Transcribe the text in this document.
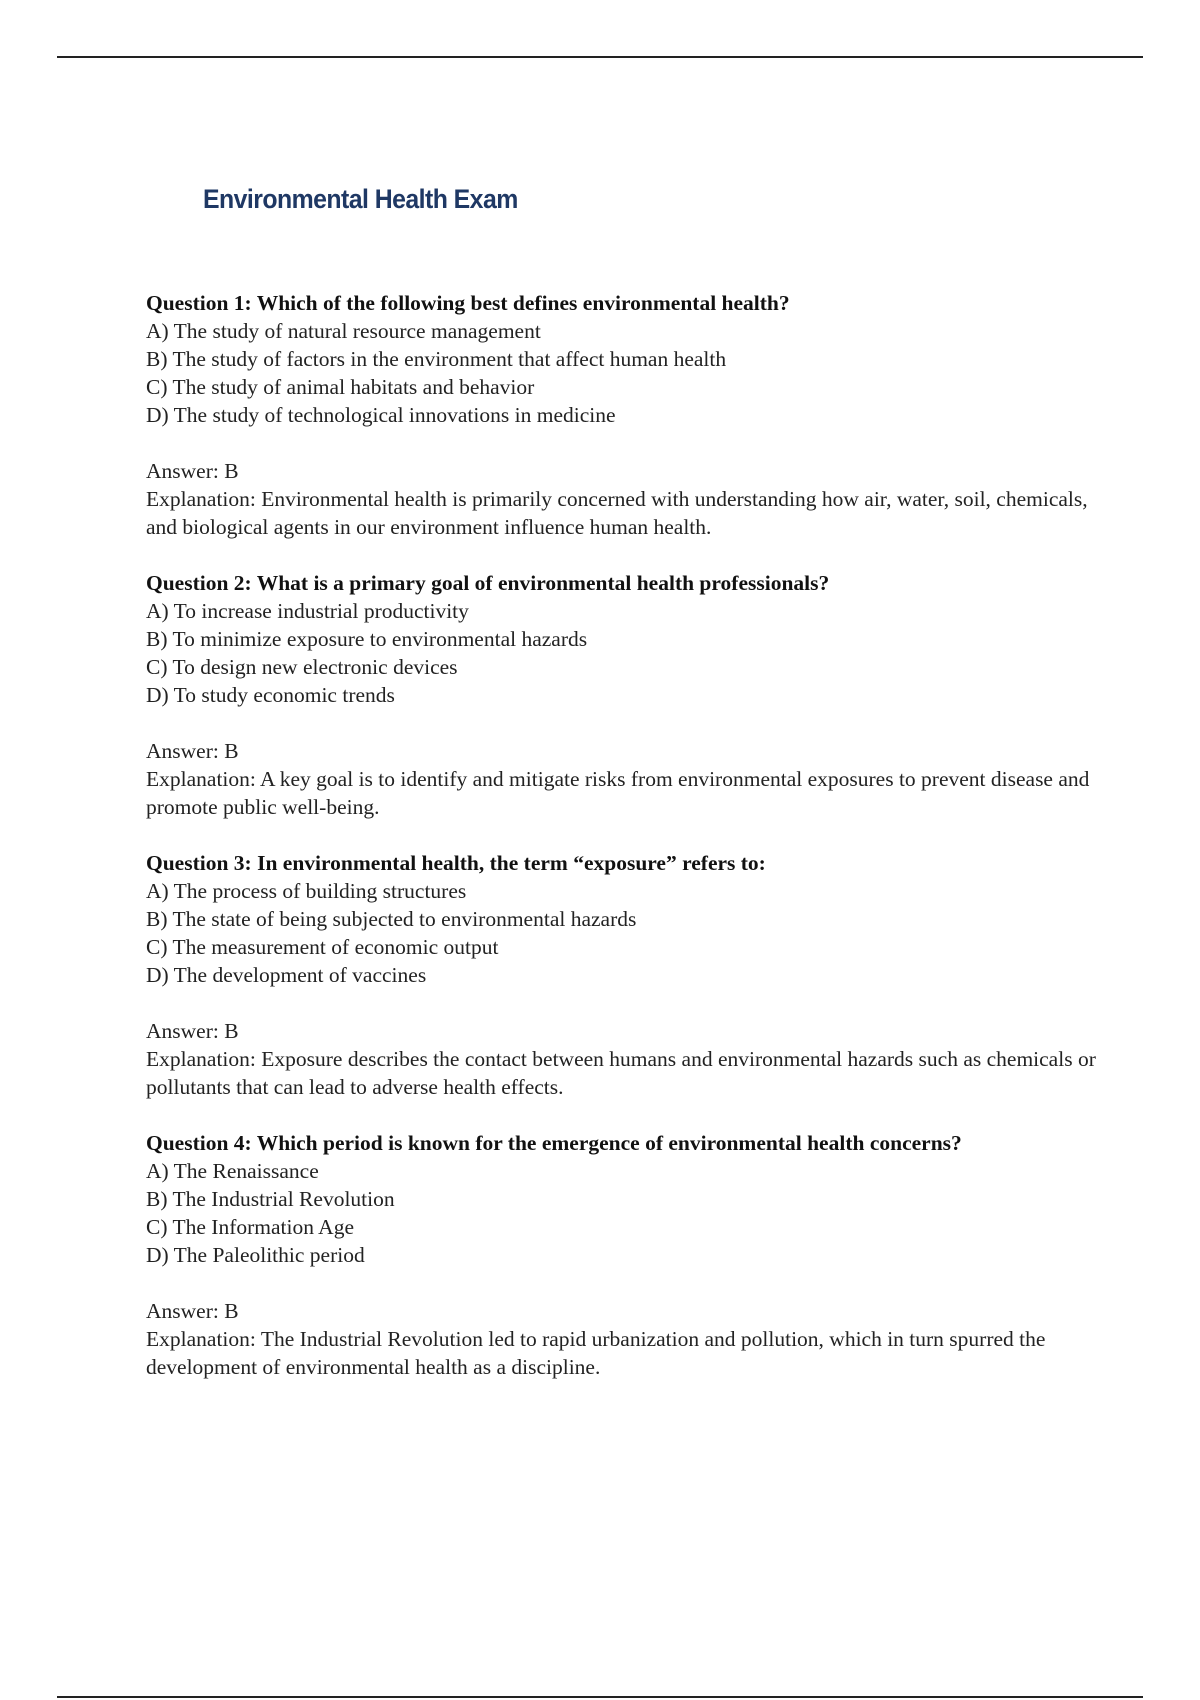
Environmental Health Exam
Question 1: Which of the following best defines environmental health?
A) The study of natural resource management
B) The study of factors in the environment that affect human health
C) The study of animal habitats and behavior
D) The study of technological innovations in medicine
Answer: B
Explanation: Environmental health is primarily concerned with understanding how air, water, soil, chemicals, and biological agents in our environment influence human health.
Question 2: What is a primary goal of environmental health professionals?
A) To increase industrial productivity
B) To minimize exposure to environmental hazards
C) To design new electronic devices
D) To study economic trends
Answer: B
Explanation: A key goal is to identify and mitigate risks from environmental exposures to prevent disease and promote public well-being.
Question 3: In environmental health, the term “exposure” refers to:
A) The process of building structures
B) The state of being subjected to environmental hazards
C) The measurement of economic output
D) The development of vaccines
Answer: B
Explanation: Exposure describes the contact between humans and environmental hazards such as chemicals or pollutants that can lead to adverse health effects.
Question 4: Which period is known for the emergence of environmental health concerns?
A) The Renaissance
B) The Industrial Revolution
C) The Information Age
D) The Paleolithic period
Answer: B
Explanation: The Industrial Revolution led to rapid urbanization and pollution, which in turn spurred the development of environmental health as a discipline.
